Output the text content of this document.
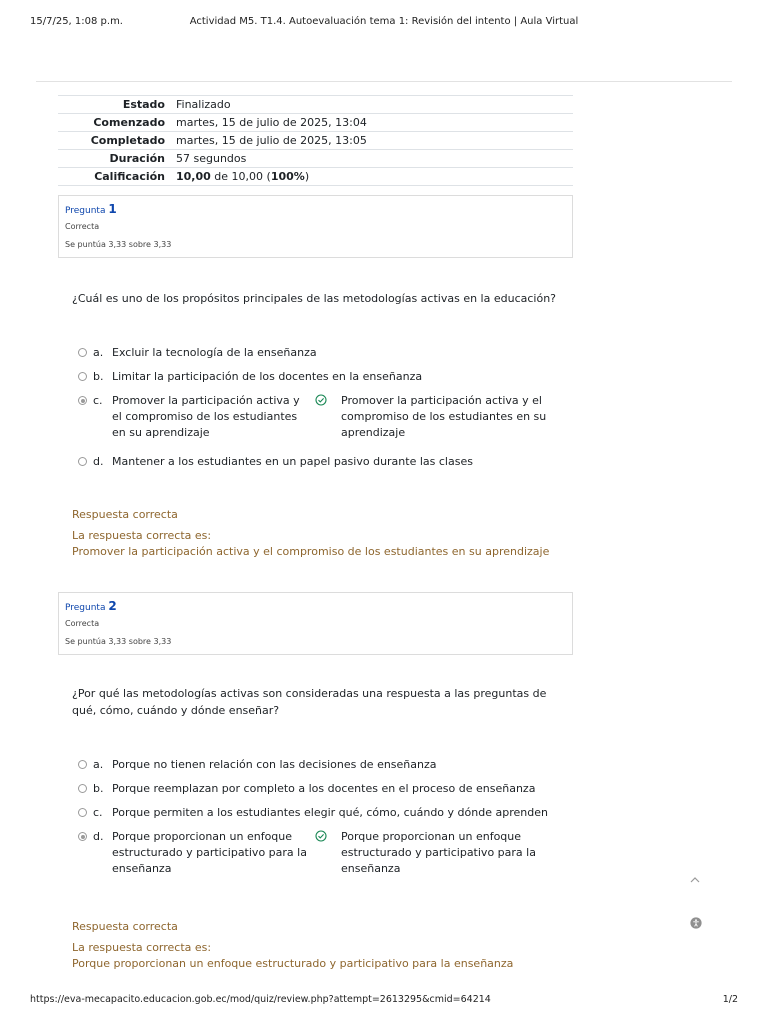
15/7/25, 1:08 p.m.	Actividad M5. T1.4. Autoevaluación tema 1: Revisión del intento | Aula Virtual
Estado	Finalizado
Comenzado	martes, 15 de julio de 2025, 13:04
Completado	martes, 15 de julio de 2025, 13:05
Duración	57 segundos
Calificación	10,00 de 10,00 (100%)
Pregunta 1
Correcta
Se puntúa 3,33 sobre 3,33
¿Cuál es uno de los propósitos principales de las metodologías activas en la educación?
a. Excluir la tecnología de la enseñanza
b. Limitar la participación de los docentes en la enseñanza
c. Promover la participación activa y el compromiso de los estudiantes en su aprendizaje
Promover la participación activa y el compromiso de los estudiantes en su aprendizaje
d. Mantener a los estudiantes en un papel pasivo durante las clases
Respuesta correcta
La respuesta correcta es:
Promover la participación activa y el compromiso de los estudiantes en su aprendizaje
Pregunta 2
Correcta
Se puntúa 3,33 sobre 3,33
¿Por qué las metodologías activas son consideradas una respuesta a las preguntas de qué, cómo, cuándo y dónde enseñar?
a. Porque no tienen relación con las decisiones de enseñanza
b. Porque reemplazan por completo a los docentes en el proceso de enseñanza
c. Porque permiten a los estudiantes elegir qué, cómo, cuándo y dónde aprenden
d. Porque proporcionan un enfoque estructurado y participativo para la enseñanza
Porque proporcionan un enfoque estructurado y participativo para la enseñanza
Respuesta correcta
La respuesta correcta es:
Porque proporcionan un enfoque estructurado y participativo para la enseñanza
https://eva-mecapacito.educacion.gob.ec/mod/quiz/review.php?attempt=2613295&cmid=64214	1/2
